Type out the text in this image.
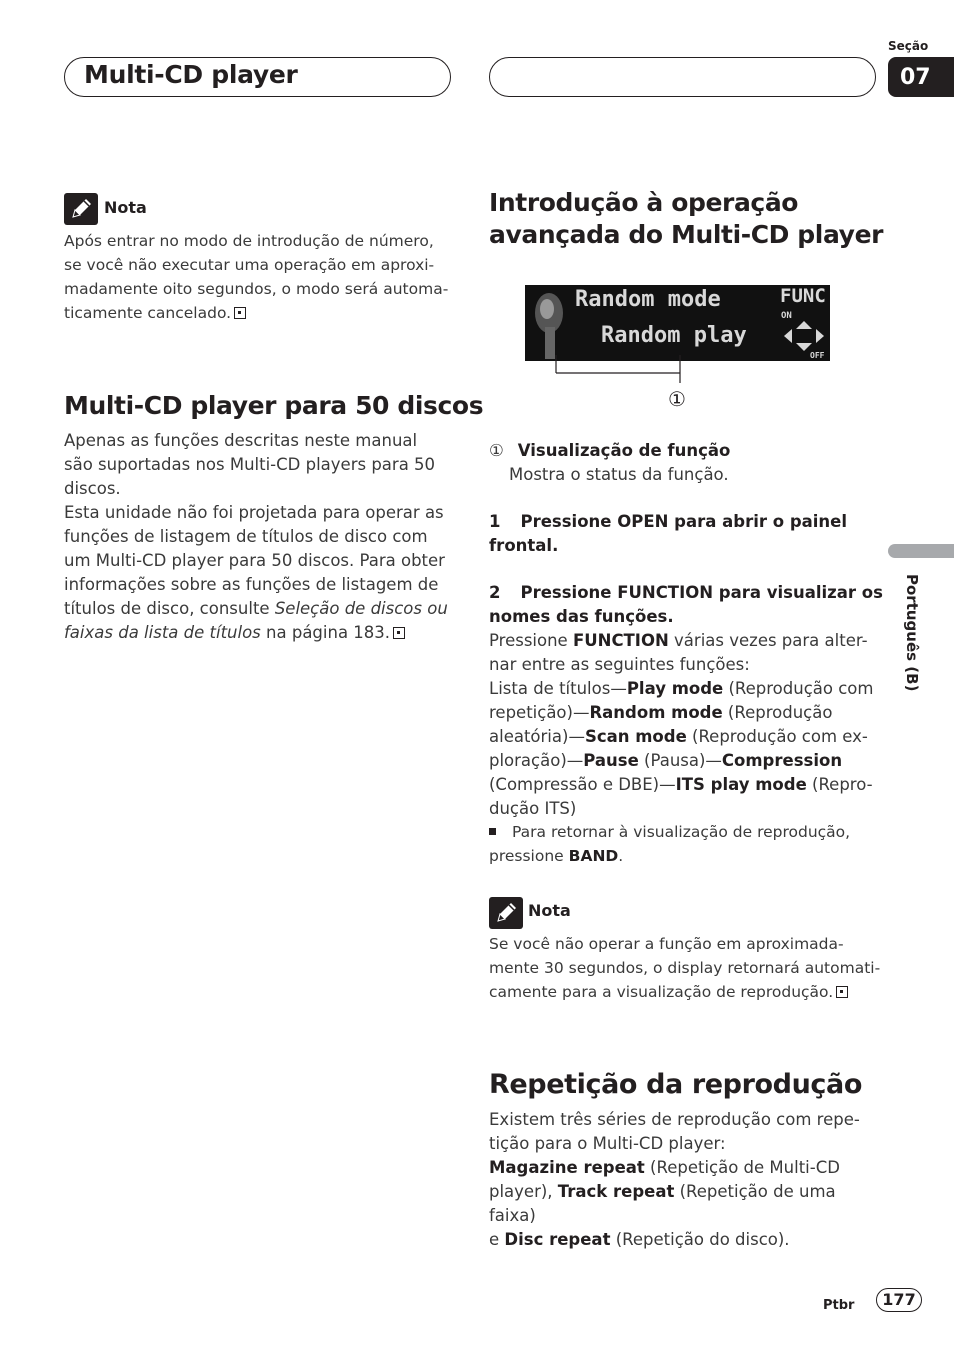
Multi-CD player
Seção
07
Português (B)
Nota
Após entrar no modo de introdução de número,
se você não executar uma operação em aproxi-
madamente oito segundos, o modo será automa-
ticamente cancelado.
Multi-CD player para 50 discos
Apenas as funções descritas neste manual
são suportadas nos Multi-CD players para 50
discos.
Esta unidade não foi projetada para operar as
funções de listagem de títulos de disco com
um Multi-CD player para 50 discos. Para obter
informações sobre as funções de listagem de
títulos de disco, consulte Seleção de discos ou
faixas da lista de títulos na página 183.
Introdução à operação
avançada do Multi-CD player
Random mode
Random play
FUNC
ON
OFF
①
① Visualização de função
Mostra o status da função.
1 Pressione OPEN para abrir o painel
frontal.
2 Pressione FUNCTION para visualizar os
nomes das funções.
Pressione FUNCTION várias vezes para alter-
nar entre as seguintes funções:
Lista de títulos—Play mode (Reprodução com
repetição)—Random mode (Reprodução
aleatória)—Scan mode (Reprodução com ex-
ploração)—Pause (Pausa)—Compression
(Compressão e DBE)—ITS play mode (Repro-
dução ITS)
Para retornar à visualização de reprodução,
pressione BAND.
Nota
Se você não operar a função em aproximada-
mente 30 segundos, o display retornará automati-
camente para a visualização de reprodução.
Repetição da reprodução
Existem três séries de reprodução com repe-
tição para o Multi-CD player:
Magazine repeat (Repetição de Multi-CD
player), Track repeat (Repetição de uma faixa)
e Disc repeat (Repetição do disco).
Ptbr	177
